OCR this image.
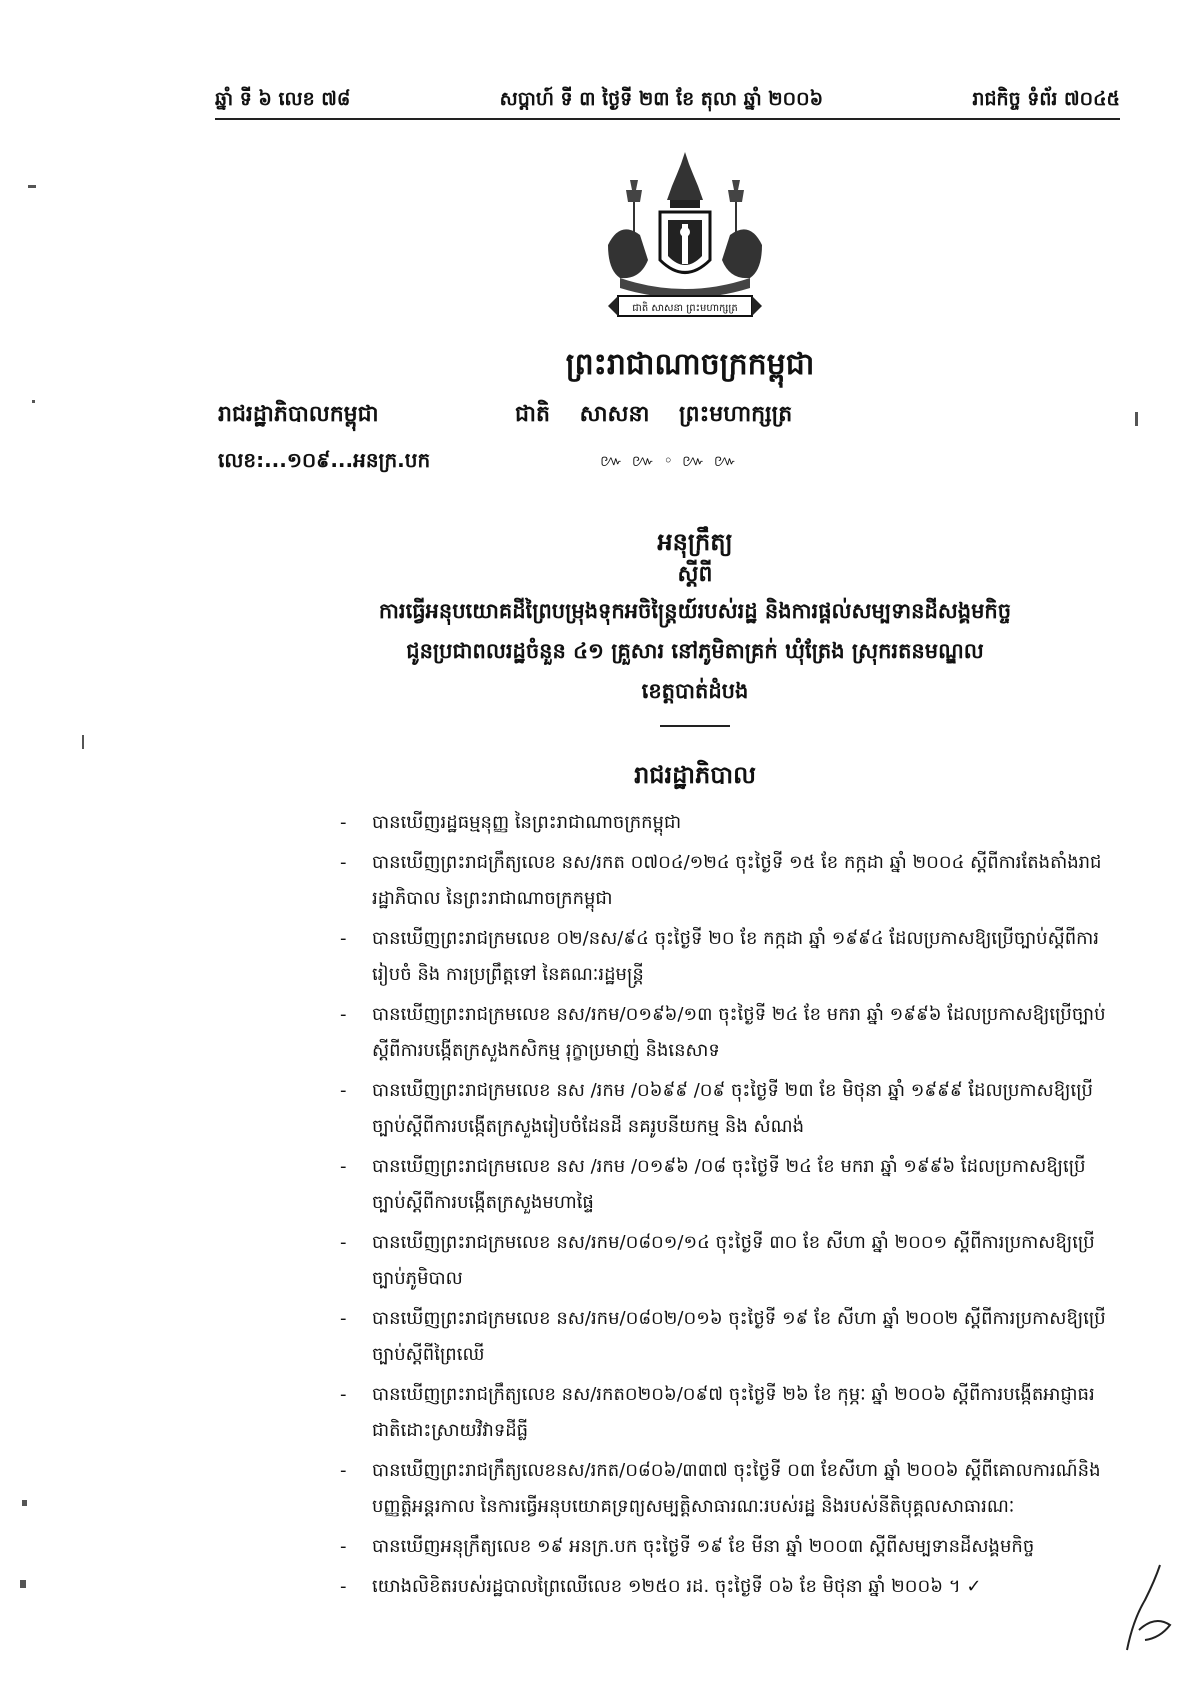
ឆ្នាំ ទី ៦ លេខ ៧៨	សប្តាហ៍ ទី ៣ ថ្ងៃទី ២៣ ខែ តុលា ឆ្នាំ ២០០៦	រាជកិច្ច ទំព័រ ៧០៤៥
ជាតិ សាសនា ព្រះមហាក្សត្រ
ព្រះរាជាណាចក្រកម្ពុជា
រាជរដ្ឋាភិបាលកម្ពុជា	ជាតិ សាសនា ព្រះមហាក្សត្រ
លេខ:...១០៩...អនក្រ.បក	៚ ៚ ◦ ៚ ៚
អនុក្រឹត្យ
ស្តីពី
ការធ្វើអនុបយោគដីព្រៃបម្រុងទុកអចិន្ត្រៃយ៍របស់រដ្ឋ និងការផ្តល់សម្បទានដីសង្គមកិច្ច
ជូនប្រជាពលរដ្ឋចំនួន ៤១ គ្រួសារ នៅភូមិតាគ្រក់ ឃុំត្រែង ស្រុករតនមណ្ឌល
ខេត្តបាត់ដំបង
រាជរដ្ឋាភិបាល
- បានឃើញរដ្ឋធម្មនុញ្ញ នៃព្រះរាជាណាចក្រកម្ពុជា
- បានឃើញព្រះរាជក្រឹត្យលេខ នស/រកត ០៧០៤/១២៤ ចុះថ្ងៃទី ១៥ ខែ កក្កដា ឆ្នាំ ២០០៤ ស្តីពីការតែងតាំងរាជរដ្ឋាភិបាល នៃព្រះរាជាណាចក្រកម្ពុជា
- បានឃើញព្រះរាជក្រមលេខ ០២/នស/៩៤ ចុះថ្ងៃទី ២០ ខែ កក្កដា ឆ្នាំ ១៩៩៤ ដែលប្រកាសឱ្យប្រើច្បាប់ស្តីពីការរៀបចំ និង ការប្រព្រឹត្តទៅ នៃគណៈរដ្ឋមន្ត្រី
- បានឃើញព្រះរាជក្រមលេខ នស/រកម/០១៩៦/១៣ ចុះថ្ងៃទី ២៤ ខែ មករា ឆ្នាំ ១៩៩៦ ដែលប្រកាសឱ្យប្រើច្បាប់ស្តីពីការបង្កើតក្រសួងកសិកម្ម រុក្ខាប្រមាញ់ និងនេសាទ
- បានឃើញព្រះរាជក្រមលេខ នស /រកម /០៦៩៩ /០៩ ចុះថ្ងៃទី ២៣ ខែ មិថុនា ឆ្នាំ ១៩៩៩ ដែលប្រកាសឱ្យប្រើច្បាប់ស្តីពីការបង្កើតក្រសួងរៀបចំដែនដី នគរូបនីយកម្ម និង សំណង់
- បានឃើញព្រះរាជក្រមលេខ នស /រកម /០១៩៦ /០៨ ចុះថ្ងៃទី ២៤ ខែ មករា ឆ្នាំ ១៩៩៦ ដែលប្រកាសឱ្យប្រើច្បាប់ស្តីពីការបង្កើតក្រសួងមហាផ្ទៃ
- បានឃើញព្រះរាជក្រមលេខ នស/រកម/០៨០១/១៤ ចុះថ្ងៃទី ៣០ ខែ សីហា ឆ្នាំ ២០០១ ស្តីពីការប្រកាសឱ្យប្រើច្បាប់ភូមិបាល
- បានឃើញព្រះរាជក្រមលេខ នស/រកម/០៨០២/០១៦ ចុះថ្ងៃទី ១៩ ខែ សីហា ឆ្នាំ ២០០២ ស្តីពីការប្រកាសឱ្យប្រើច្បាប់ស្តីពីព្រៃឈើ
- បានឃើញព្រះរាជក្រឹត្យលេខ នស/រកត០២០៦/០៩៧ ចុះថ្ងៃទី ២៦ ខែ កុម្ភៈ ឆ្នាំ ២០០៦ ស្តីពីការបង្កើតអាជ្ញាធរជាតិដោះស្រាយវិវាទដីធ្លី
- បានឃើញព្រះរាជក្រឹត្យលេខនស/រកត/០៨០៦/៣៣៧ ចុះថ្ងៃទី ០៣ ខែសីហា ឆ្នាំ ២០០៦ ស្តីពីគោលការណ៍និងបញ្ញត្តិអន្តរកាល នៃការធ្វើអនុបយោគទ្រព្យសម្បត្តិសាធារណៈរបស់រដ្ឋ និងរបស់នីតិបុគ្គលសាធារណៈ
- បានឃើញអនុក្រឹត្យលេខ ១៩ អនក្រ.បក ចុះថ្ងៃទី ១៩ ខែ មីនា ឆ្នាំ ២០០៣ ស្តីពីសម្បទានដីសង្គមកិច្ច
- យោងលិខិតរបស់រដ្ឋបាលព្រៃឈើលេខ ១២៥០ រដ. ចុះថ្ងៃទី ០៦ ខែ មិថុនា ឆ្នាំ ២០០៦ ។ ✓
